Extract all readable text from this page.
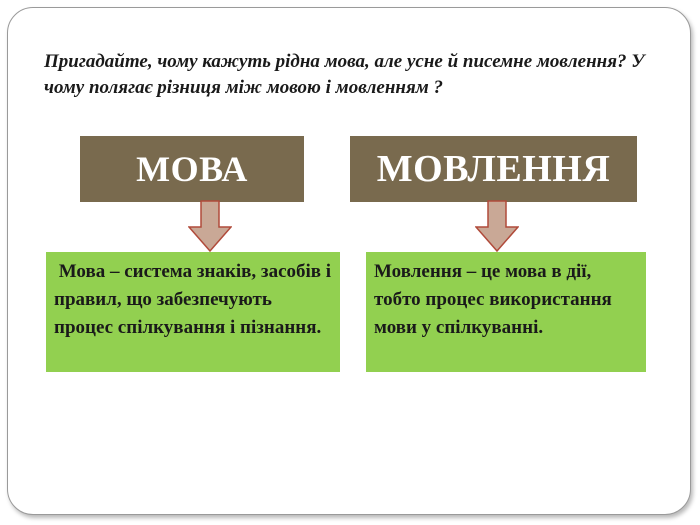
Пригадайте, чому кажуть рідна мова, але усне й писемне мовлення? У чому полягає різниця між мовою і мовленням ?
МОВА	МОВЛЕННЯ
Мова – система знаків, засобів і правил, що забезпечують процес спілкування і пізнання.
Мовлення – це мова в дії, тобто процес використання мови у спілкуванні.
